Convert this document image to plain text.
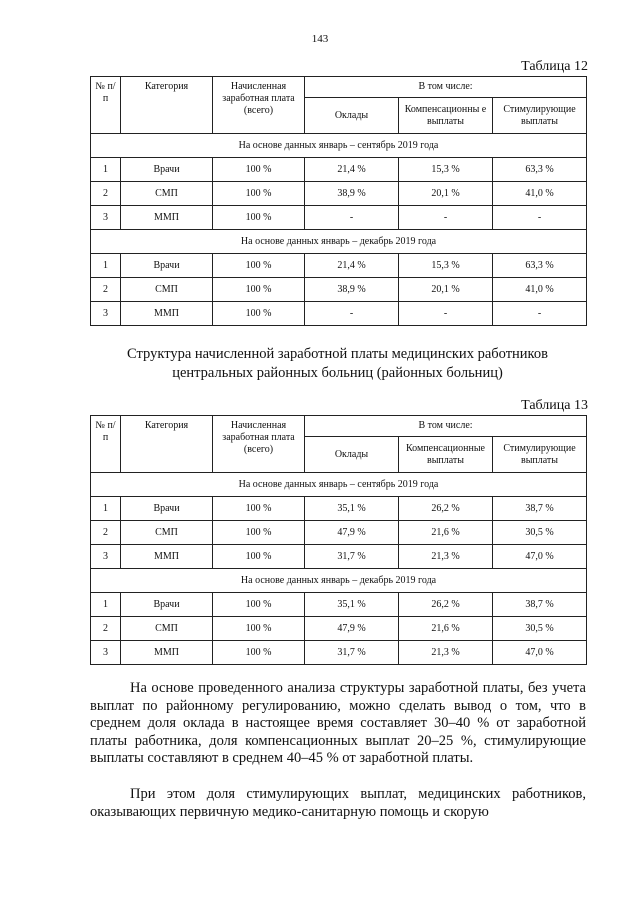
143
Таблица 12
№ п/п	Категория	Начисленная заработная плата (всего)	В том числе:		
			Оклады	Компенсационны е выплаты	Стимулирующие выплаты
На основе данных январь – сентябрь 2019 года					
1	Врачи	100 %	21,4 %	15,3 %	63,3 %
2	СМП	100 %	38,9 %	20,1 %	41,0 %
3	ММП	100 %	-	-	-
На основе данных январь – декабрь 2019 года					
1	Врачи	100 %	21,4 %	15,3 %	63,3 %
2	СМП	100 %	38,9 %	20,1 %	41,0 %
3	ММП	100 %	-	-	-
Структура начисленной заработной платы медицинских работников центральных районных больниц (районных больниц)
Таблица 13
№ п/п	Категория	Начисленная заработная плата (всего)	В том числе:		
			Оклады	Компенсационные выплаты	Стимулирующие выплаты
На основе данных январь – сентябрь 2019 года					
1	Врачи	100 %	35,1 %	26,2 %	38,7 %
2	СМП	100 %	47,9 %	21,6 %	30,5 %
3	ММП	100 %	31,7 %	21,3 %	47,0 %
На основе данных январь – декабрь 2019 года					
1	Врачи	100 %	35,1 %	26,2 %	38,7 %
2	СМП	100 %	47,9 %	21,6 %	30,5 %
3	ММП	100 %	31,7 %	21,3 %	47,0 %

На основе проведенного анализа структуры заработной платы, без учета выплат по районному регулированию, можно сделать вывод о том, что в среднем доля оклада в настоящее время составляет 30–40 % от заработной платы работника, доля компенсационных выплат 20–25 %, стимулирующие выплаты составляют в среднем 40–45 % от заработной платы.

При этом доля стимулирующих выплат, медицинских работников, оказывающих первичную медико-санитарную помощь и скорую
